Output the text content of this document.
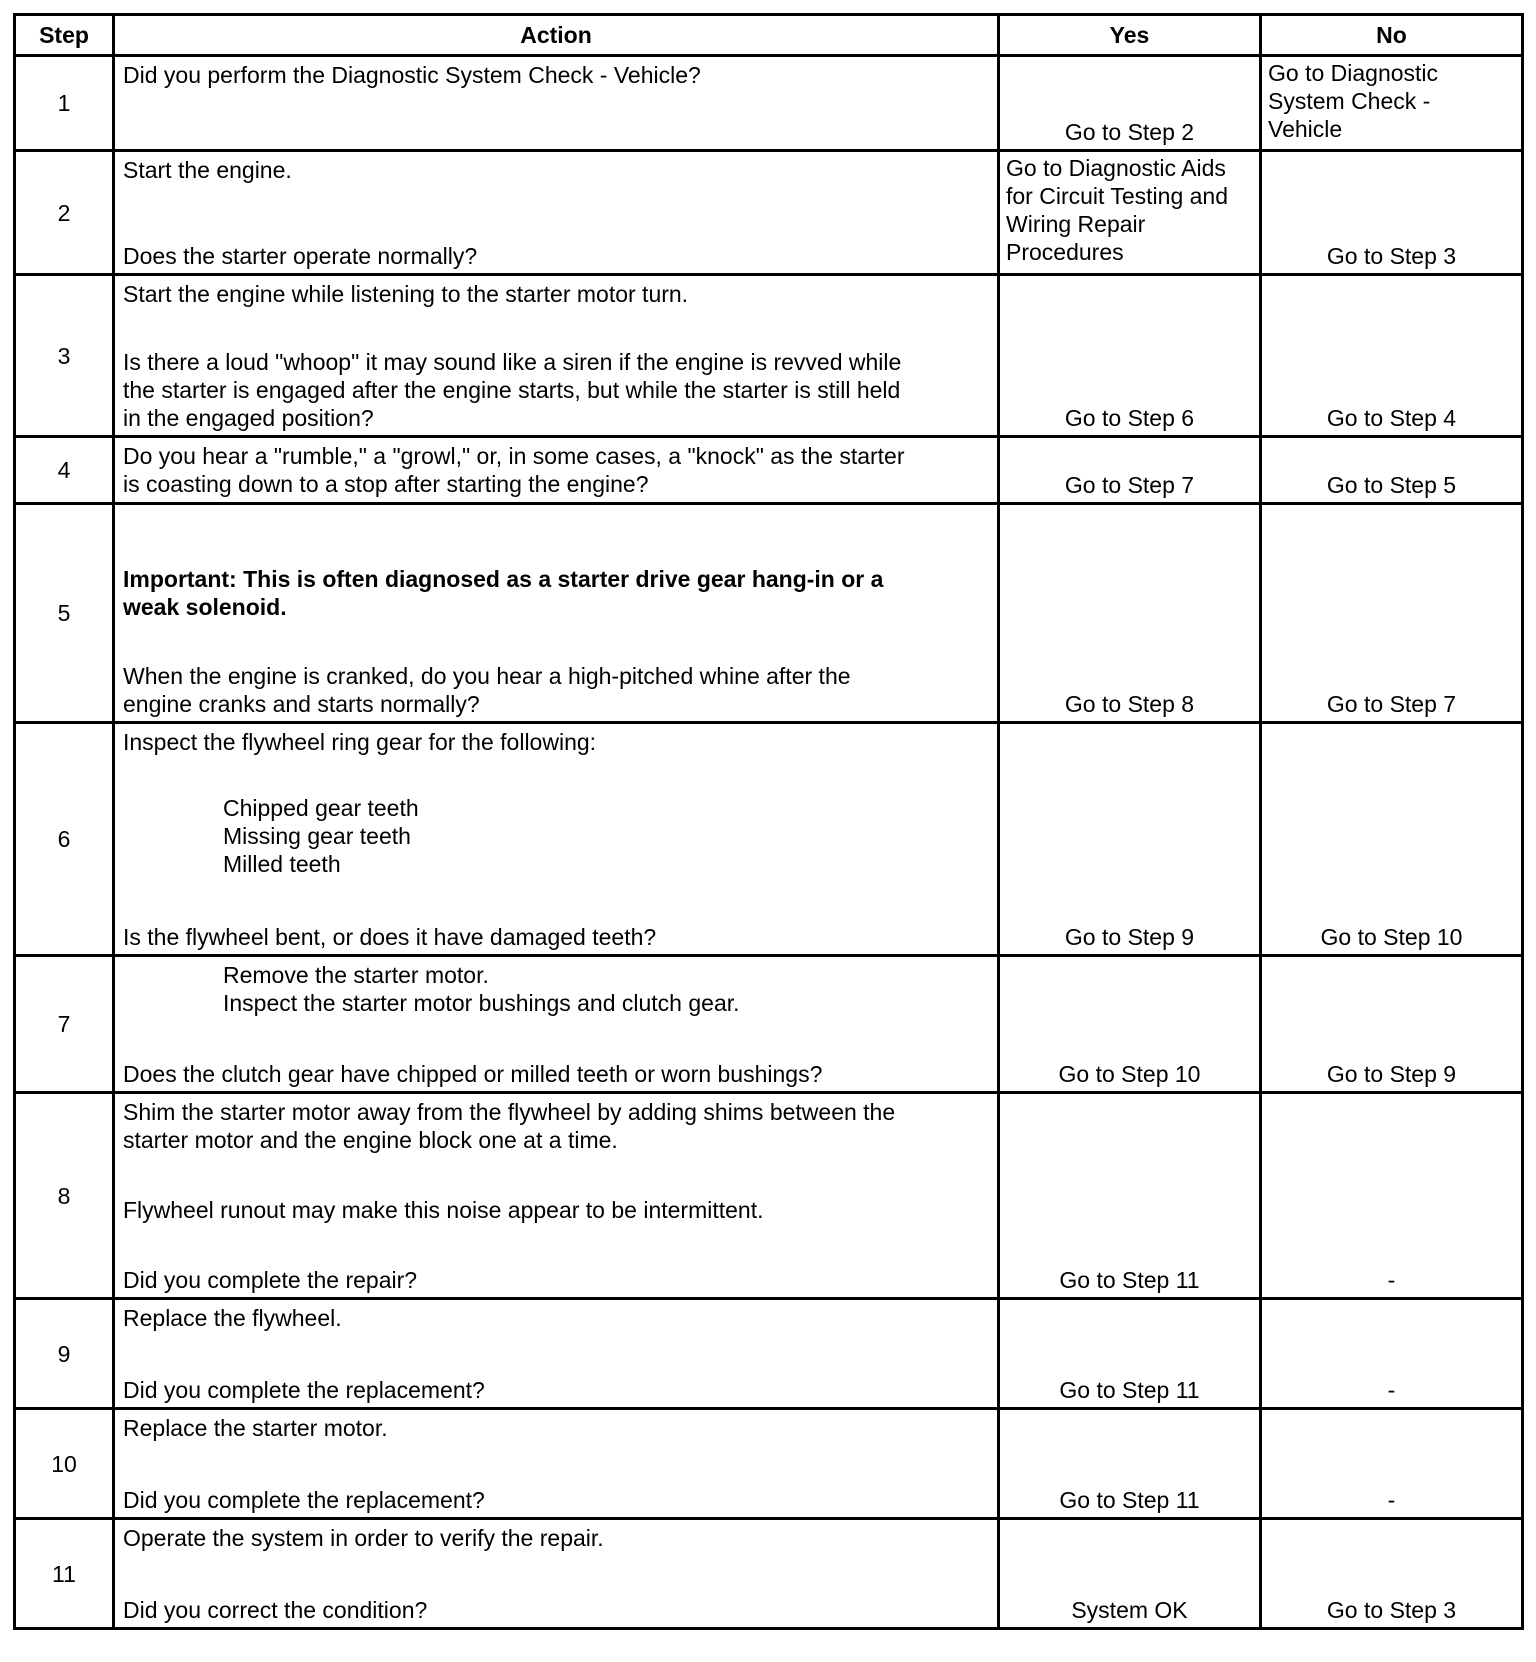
Step	Action	Yes	No
1	Did you perform the Diagnostic System Check - Vehicle?	Go to Step 2	Go to Diagnostic
System Check -
Vehicle

2	Start the engine.
Does the starter operate normally?	Go to Diagnostic Aids
for Circuit Testing and
Wiring Repair
Procedures	Go to Step 3
3	Start the engine while listening to the starter motor turn.
Is there a loud "whoop" it may sound like a siren if the engine is revved while
the starter is engaged after the engine starts, but while the starter is still held
in the engaged position?	Go to Step 6	Go to Step 4
4	Do you hear a "rumble," a "growl," or, in some cases, a "knock" as the starter
is coasting down to a stop after starting the engine?	Go to Step 7	Go to Step 5
5	Important: This is often diagnosed as a starter drive gear hang-in or a
weak solenoid.
When the engine is cranked, do you hear a high-pitched whine after the
engine cranks and starts normally?	Go to Step 8	Go to Step 7
6	Inspect the flywheel ring gear for the following:
Chipped gear teeth
Missing gear teeth
Milled teeth
Is the flywheel bent, or does it have damaged teeth?	Go to Step 9	Go to Step 10
7	Remove the starter motor.
Inspect the starter motor bushings and clutch gear.
Does the clutch gear have chipped or milled teeth or worn bushings?	Go to Step 10	Go to Step 9
8	Shim the starter motor away from the flywheel by adding shims between the
starter motor and the engine block one at a time.
Flywheel runout may make this noise appear to be intermittent.
Did you complete the repair?	Go to Step 11	-
9	Replace the flywheel.
Did you complete the replacement?	Go to Step 11	-
10	Replace the starter motor.
Did you complete the replacement?	Go to Step 11	-
11	Operate the system in order to verify the repair.
Did you correct the condition?	System OK	Go to Step 3
